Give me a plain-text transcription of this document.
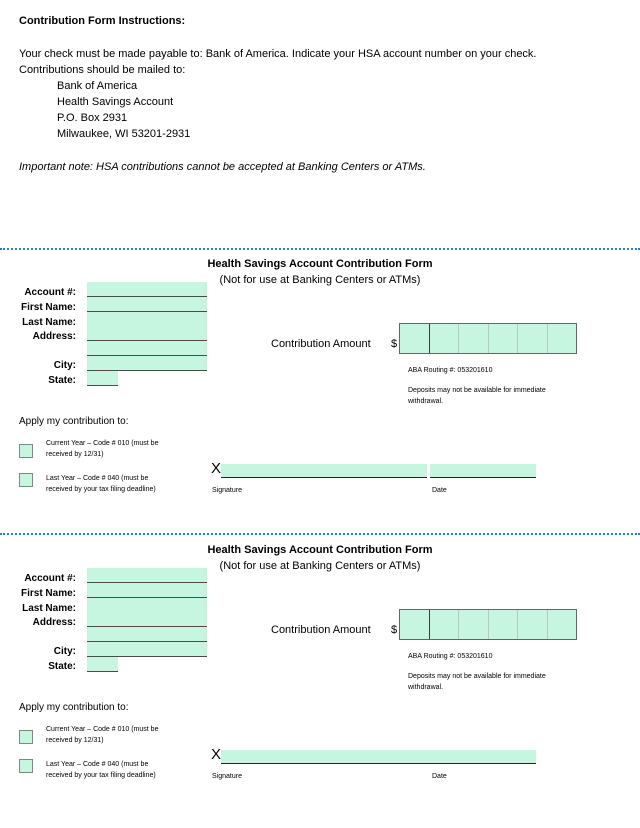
Contribution Form Instructions:
Your check must be made payable to: Bank of America. Indicate your HSA account number on your check.
Contributions should be mailed to:
Bank of America
Health Savings Account
P.O. Box 2931
Milwaukee, WI 53201-2931
Important note: HSA contributions cannot be accepted at Banking Centers or ATMs.
Health Savings Account Contribution Form
(Not for use at Banking Centers or ATMs)
Account #:
First Name:
Last Name:
Address:
City:
State:
Contribution Amount $
ABA Routing #: 053201610
Deposits may not be available for immediate withdrawal.
Apply my contribution to:
Current Year – Code # 010 (must be received by 12/31)
Last Year – Code # 040 (must be received by your tax filing deadline)
X
Signature	Date
Health Savings Account Contribution Form
(Not for use at Banking Centers or ATMs)
Account #:
First Name:
Last Name:
Address:
City:
State:
Contribution Amount $
ABA Routing #: 053201610
Deposits may not be available for immediate withdrawal.
Apply my contribution to:
Current Year – Code # 010 (must be received by 12/31)
Last Year – Code # 040 (must be received by your tax filing deadline)
X
Signature	Date
